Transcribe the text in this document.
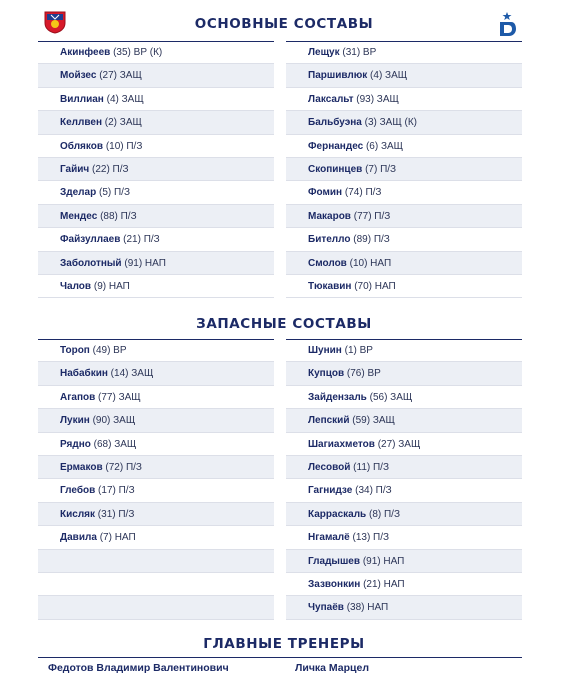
ОСНОВНЫЕ СОСТАВЫ
Акинфеев (35) ВР (К)
Мойзес (27) ЗАЩ
Виллиан (4) ЗАЩ
Келлвен (2) ЗАЩ
Обляков (10) П/З
Гайич (22) П/З
Зделар (5) П/З
Мендес (88) П/З
Файзуллаев (21) П/З
Заболотный (91) НАП
Чалов (9) НАП
Лещук (31) ВР
Паршивлюк (4) ЗАЩ
Лаксальт (93) ЗАЩ
Бальбуэна (3) ЗАЩ (К)
Фернандес (6) ЗАЩ
Скопинцев (7) П/З
Фомин (74) П/З
Макаров (77) П/З
Бителло (89) П/З
Смолов (10) НАП
Тюкавин (70) НАП
ЗАПАСНЫЕ СОСТАВЫ
Тороп (49) ВР
Набабкин (14) ЗАЩ
Агапов (77) ЗАЩ
Лукин (90) ЗАЩ
Рядно (68) ЗАЩ
Ермаков (72) П/З
Глебов (17) П/З
Кисляк (31) П/З
Давила (7) НАП
Шунин (1) ВР
Купцов (76) ВР
Зайдензаль (56) ЗАЩ
Лепский (59) ЗАЩ
Шагиахметов (27) ЗАЩ
Лесовой (11) П/З
Гагнидзе (34) П/З
Карраскаль (8) П/З
Нгамалё (13) П/З
Гладышев (91) НАП
Зазвонкин (21) НАП
Чупаёв (38) НАП
ГЛАВНЫЕ ТРЕНЕРЫ
Федотов Владимир Валентинович	Личка Марцел
